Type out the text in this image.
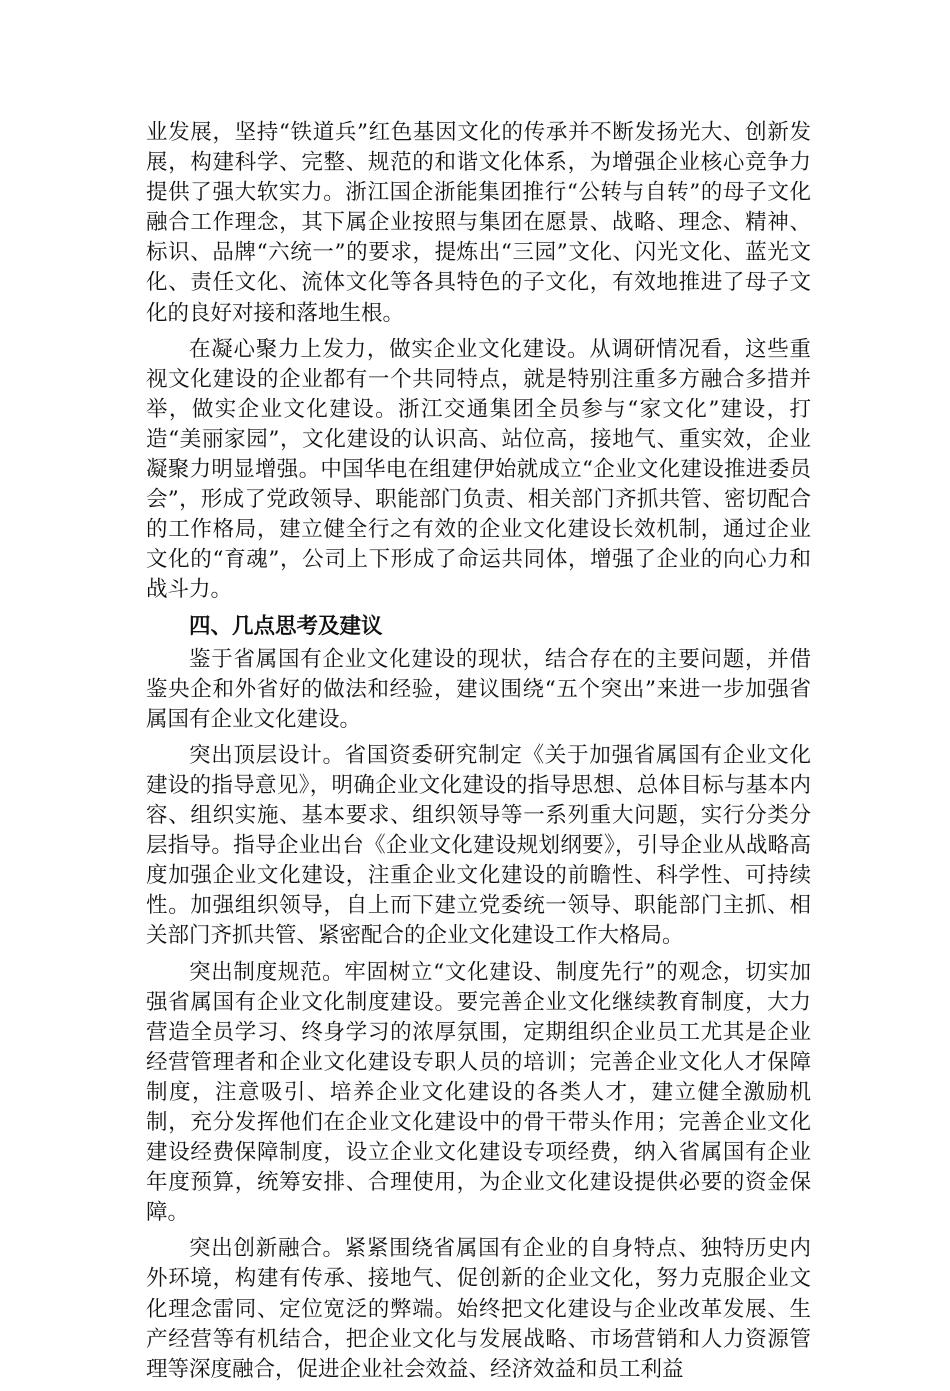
业发展，坚持“铁道兵”红色基因文化的传承并不断发扬光大、创新发展，构建科学、完整、规范的和谐文化体系，为增强企业核心竞争力提供了强大软实力。浙江国企浙能集团推行“公转与自转”的母子文化融合工作理念，其下属企业按照与集团在愿景、战略、理念、精神、标识、品牌“六统一”的要求，提炼出“三园”文化、闪光文化、蓝光文化、责任文化、流体文化等各具特色的子文化，有效地推进了母子文化的良好对接和落地生根。

在凝心聚力上发力，做实企业文化建设。从调研情况看，这些重视文化建设的企业都有一个共同特点，就是特别注重多方融合多措并举，做实企业文化建设。浙江交通集团全员参与“家文化”建设，打造“美丽家园”，文化建设的认识高、站位高，接地气、重实效，企业凝聚力明显增强。中国华电在组建伊始就成立“企业文化建设推进委员会”，形成了党政领导、职能部门负责、相关部门齐抓共管、密切配合的工作格局，建立健全行之有效的企业文化建设长效机制，通过企业文化的“育魂”，公司上下形成了命运共同体，增强了企业的向心力和战斗力。

四、几点思考及建议

鉴于省属国有企业文化建设的现状，结合存在的主要问题，并借鉴央企和外省好的做法和经验，建议围绕“五个突出”来进一步加强省属国有企业文化建设。

突出顶层设计。省国资委研究制定《关于加强省属国有企业文化建设的指导意见》，明确企业文化建设的指导思想、总体目标与基本内容、组织实施、基本要求、组织领导等一系列重大问题，实行分类分层指导。指导企业出台《企业文化建设规划纲要》，引导企业从战略高度加强企业文化建设，注重企业文化建设的前瞻性、科学性、可持续性。加强组织领导，自上而下建立党委统一领导、职能部门主抓、相关部门齐抓共管、紧密配合的企业文化建设工作大格局。

突出制度规范。牢固树立“文化建设、制度先行”的观念，切实加强省属国有企业文化制度建设。要完善企业文化继续教育制度，大力营造全员学习、终身学习的浓厚氛围，定期组织企业员工尤其是企业经营管理者和企业文化建设专职人员的培训；完善企业文化人才保障制度，注意吸引、培养企业文化建设的各类人才，建立健全激励机制，充分发挥他们在企业文化建设中的骨干带头作用；完善企业文化建设经费保障制度，设立企业文化建设专项经费，纳入省属国有企业年度预算，统筹安排、合理使用，为企业文化建设提供必要的资金保障。

突出创新融合。紧紧围绕省属国有企业的自身特点、独特历史内外环境，构建有传承、接地气、促创新的企业文化，努力克服企业文化理念雷同、定位宽泛的弊端。始终把文化建设与企业改革发展、生产经营等有机结合，把企业文化与发展战略、市场营销和人力资源管理等深度融合，促进企业社会效益、经济效益和员工利益
